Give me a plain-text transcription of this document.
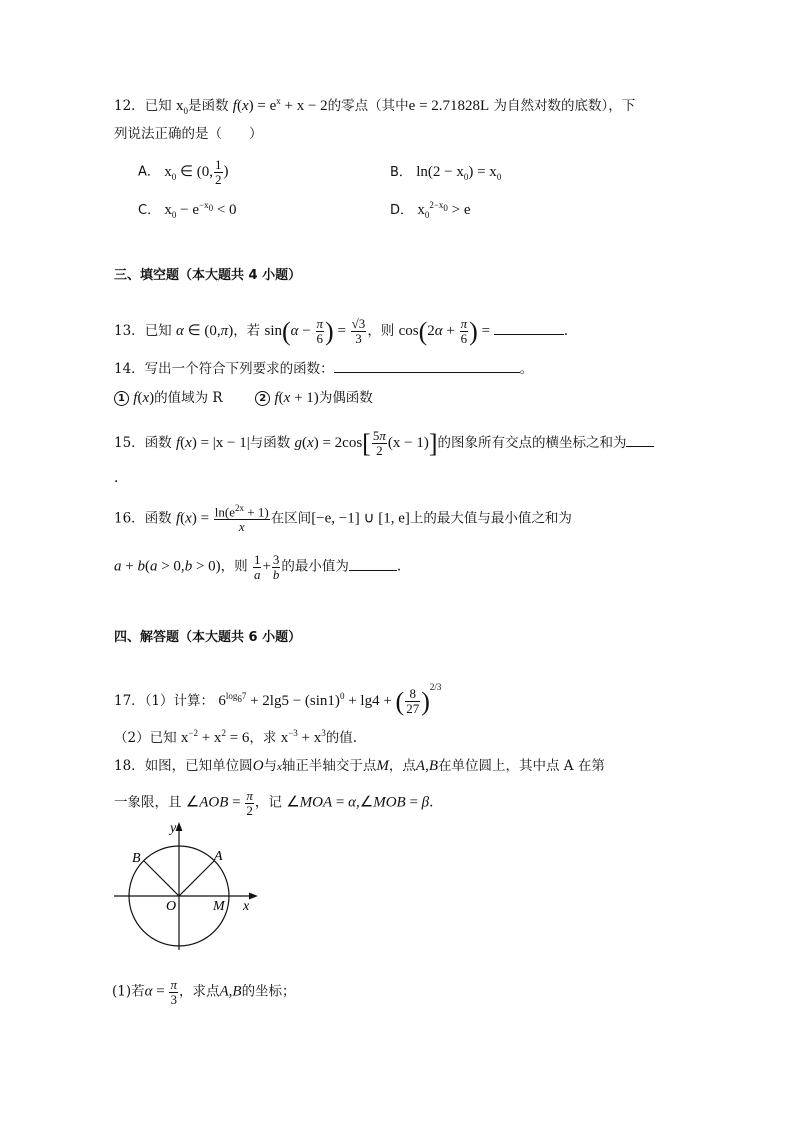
12．已知 $x_0$是函数 $f(x) = e^x + x - 2$的零点（其中e = 2.71828L 为自然对数的底数），下
列说法正确的是（　　）
A． $x_0$ ∈ (0, $\frac{1}{2}$ )	B． $\ln(2 - x_0) = x_0$
C． $x_0 - e^{-x_0} < 0$	D． $x_0^{2-x_0} > e$
三、填空题（本大题共 4 小题）
13．已知 α ∈ (0,π)，若 $\sin(\alpha - \frac{\pi}{6}$ ) = $\frac{√3}{3}$ ，则 $\cos(2\alpha + \frac{\pi}{6}$ ) =	.
14．写出一个符合下列要求的函数：	。
1 f(x)的值域为 R	2 f(x + 1)为偶函数
15．函数 f(x) = |x − 1|与函数 $g(x) = 2\cos[ \frac{5\pi}{2} (x - 1)]$的图象所有交点的横坐标之和为
.
16．函数 $f(x) = \frac{\ln(e^{2x} + 1)}{x}$ 在区间[−e, −1] ∪ [1, e]上的最大值与最小值之和为
a + b(a > 0,b > 0)，则 $\frac{1}{a} + \frac{3}{b}$ 的最小值为	.
四、解答题（本大题共 6 小题）
17．（1）计算： $6^{log_67} + 2\lg 5 - (\sin 1)^0 + \lg 4$ + ( $\frac{8}{27} )^{2/3}$
（2）已知 $x^{-2} + x^2 = 6$，求 $x^{-3} + x^3$的值.
18．如图，已知单位圆O与x轴正半轴交于点M，点A,B在单位圆上，其中点 A 在第
一象限，且 ∠AOB = $\frac{\pi}{2}$ ，记 ∠MOA = α,∠MOB = β.
y
x
O	M
A
B
(1)若$\alpha = \frac{\pi}{3}$ ，求点A,B的坐标；
